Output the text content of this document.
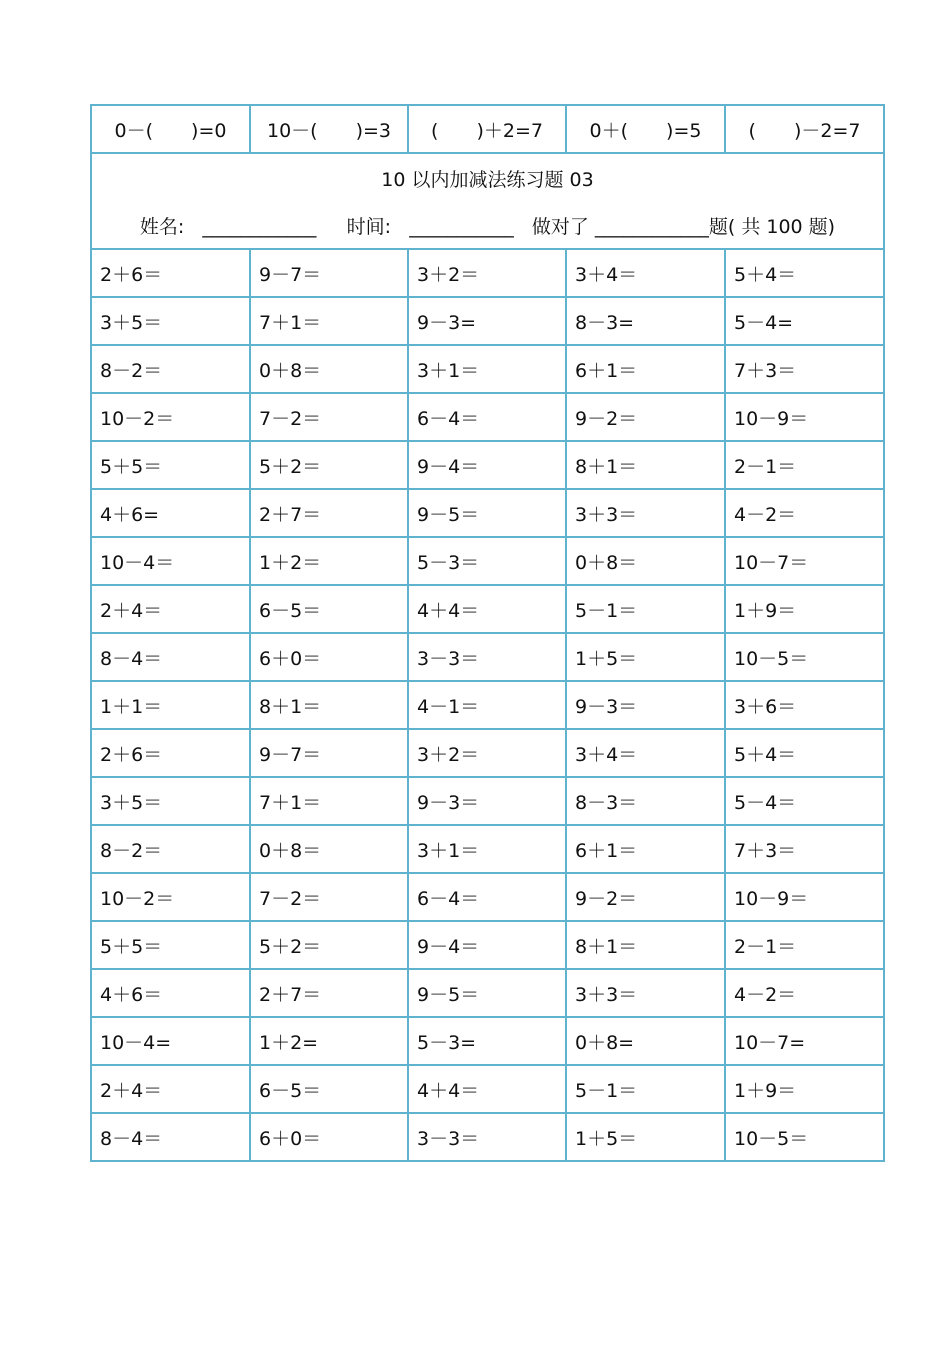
0－(　　)=0	10－(　　)=3	(　　)＋2=7	0＋(　　)=5	(　　)－2=7

10 以内加减法练习题 03
姓名: ____________ 时间: ___________ 做对了 ____________题( 共 100 题)				

2＋6＝	9－7＝	3＋2＝	3＋4＝	5＋4＝
3＋5＝	7＋1＝	9－3=	8－3=	5－4=
8－2＝	0＋8＝	3＋1＝	6＋1＝	7＋3＝
10－2＝	7－2＝	6－4＝	9－2＝	10－9＝
5＋5＝	5＋2＝	9－4＝	8＋1＝	2－1＝
4＋6=	2＋7＝	9－5＝	3＋3＝	4－2＝
10－4＝	1＋2＝	5－3＝	0＋8＝	10－7＝
2＋4＝	6－5＝	4＋4＝	5－1＝	1＋9＝
8－4＝	6＋0＝	3－3＝	1＋5＝	10－5＝
1＋1＝	8＋1＝	4－1＝	9－3＝	3＋6＝
2＋6＝	9－7＝	3＋2＝	3＋4＝	5＋4＝
3＋5＝	7＋1＝	9－3＝	8－3＝	5－4＝
8－2＝	0＋8＝	3＋1＝	6＋1＝	7＋3＝
10－2＝	7－2＝	6－4＝	9－2＝	10－9＝
5＋5＝	5＋2＝	9－4＝	8＋1＝	2－1＝
4＋6＝	2＋7＝	9－5＝	3＋3＝	4－2＝
10－4=	1＋2=	5－3=	0＋8=	10－7=
2＋4＝	6－5＝	4＋4＝	5－1＝	1＋9＝
8－4＝	6＋0＝	3－3＝	1＋5＝	10－5＝
